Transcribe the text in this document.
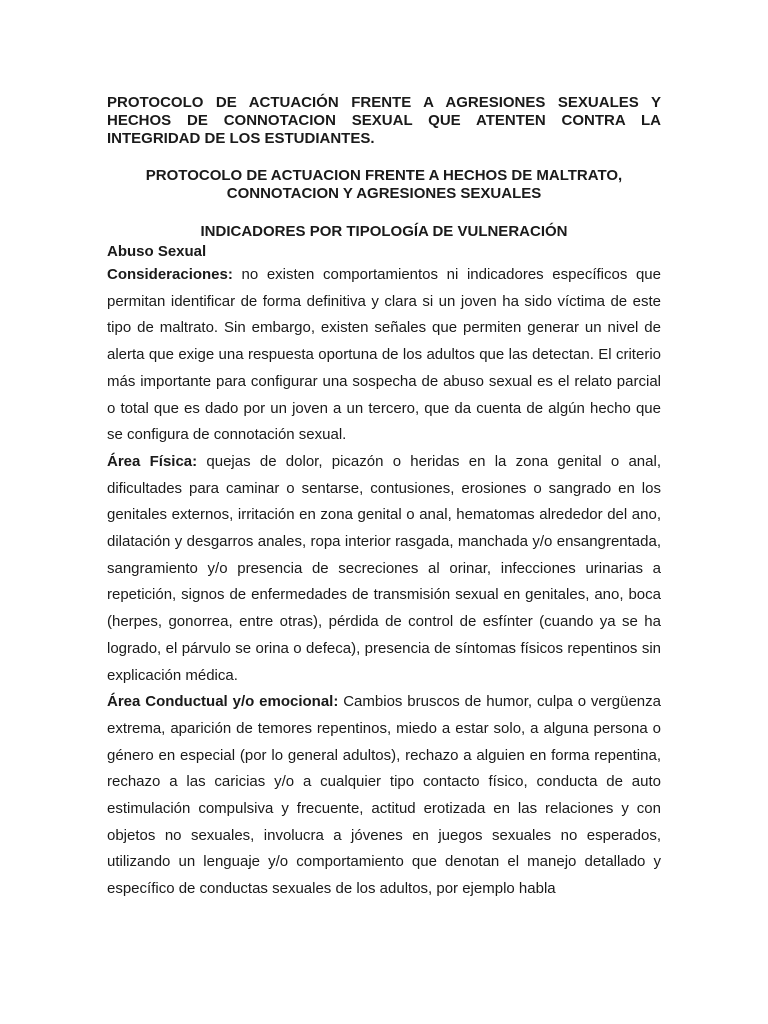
PROTOCOLO DE ACTUACIÓN FRENTE A AGRESIONES SEXUALES Y HECHOS DE CONNOTACION SEXUAL QUE ATENTEN CONTRA LA INTEGRIDAD DE LOS ESTUDIANTES.

PROTOCOLO DE ACTUACION FRENTE A HECHOS DE MALTRATO,
CONNOTACION Y AGRESIONES SEXUALES
INDICADORES POR TIPOLOGÍA DE VULNERACIÓN
Abuso Sexual

Consideraciones: no existen comportamientos ni indicadores específicos que permitan identificar de forma definitiva y clara si un joven ha sido víctima de este tipo de maltrato. Sin embargo, existen señales que permiten generar un nivel de alerta que exige una respuesta oportuna de los adultos que las detectan. El criterio más importante para configurar una sospecha de abuso sexual es el relato parcial o total que es dado por un joven a un tercero, que da cuenta de algún hecho que se configura de connotación sexual.

Área Física: quejas de dolor, picazón o heridas en la zona genital o anal, dificultades para caminar o sentarse, contusiones, erosiones o sangrado en los genitales externos, irritación en zona genital o anal, hematomas alrededor del ano, dilatación y desgarros anales, ropa interior rasgada, manchada y/o ensangrentada, sangramiento y/o presencia de secreciones al orinar, infecciones urinarias a repetición, signos de enfermedades de transmisión sexual en genitales, ano, boca (herpes, gonorrea, entre otras), pérdida de control de esfínter (cuando ya se ha logrado, el párvulo se orina o defeca), presencia de síntomas físicos repentinos sin explicación médica.

Área Conductual y/o emocional: Cambios bruscos de humor, culpa o vergüenza extrema, aparición de temores repentinos, miedo a estar solo, a alguna persona o género en especial (por lo general adultos), rechazo a alguien en forma repentina, rechazo a las caricias y/o a cualquier tipo contacto físico, conducta de auto estimulación compulsiva y frecuente, actitud erotizada en las relaciones y con objetos no sexuales, involucra a jóvenes en juegos sexuales no esperados, utilizando un lenguaje y/o comportamiento que denotan el manejo detallado y específico de conductas sexuales de los adultos, por ejemplo habla
